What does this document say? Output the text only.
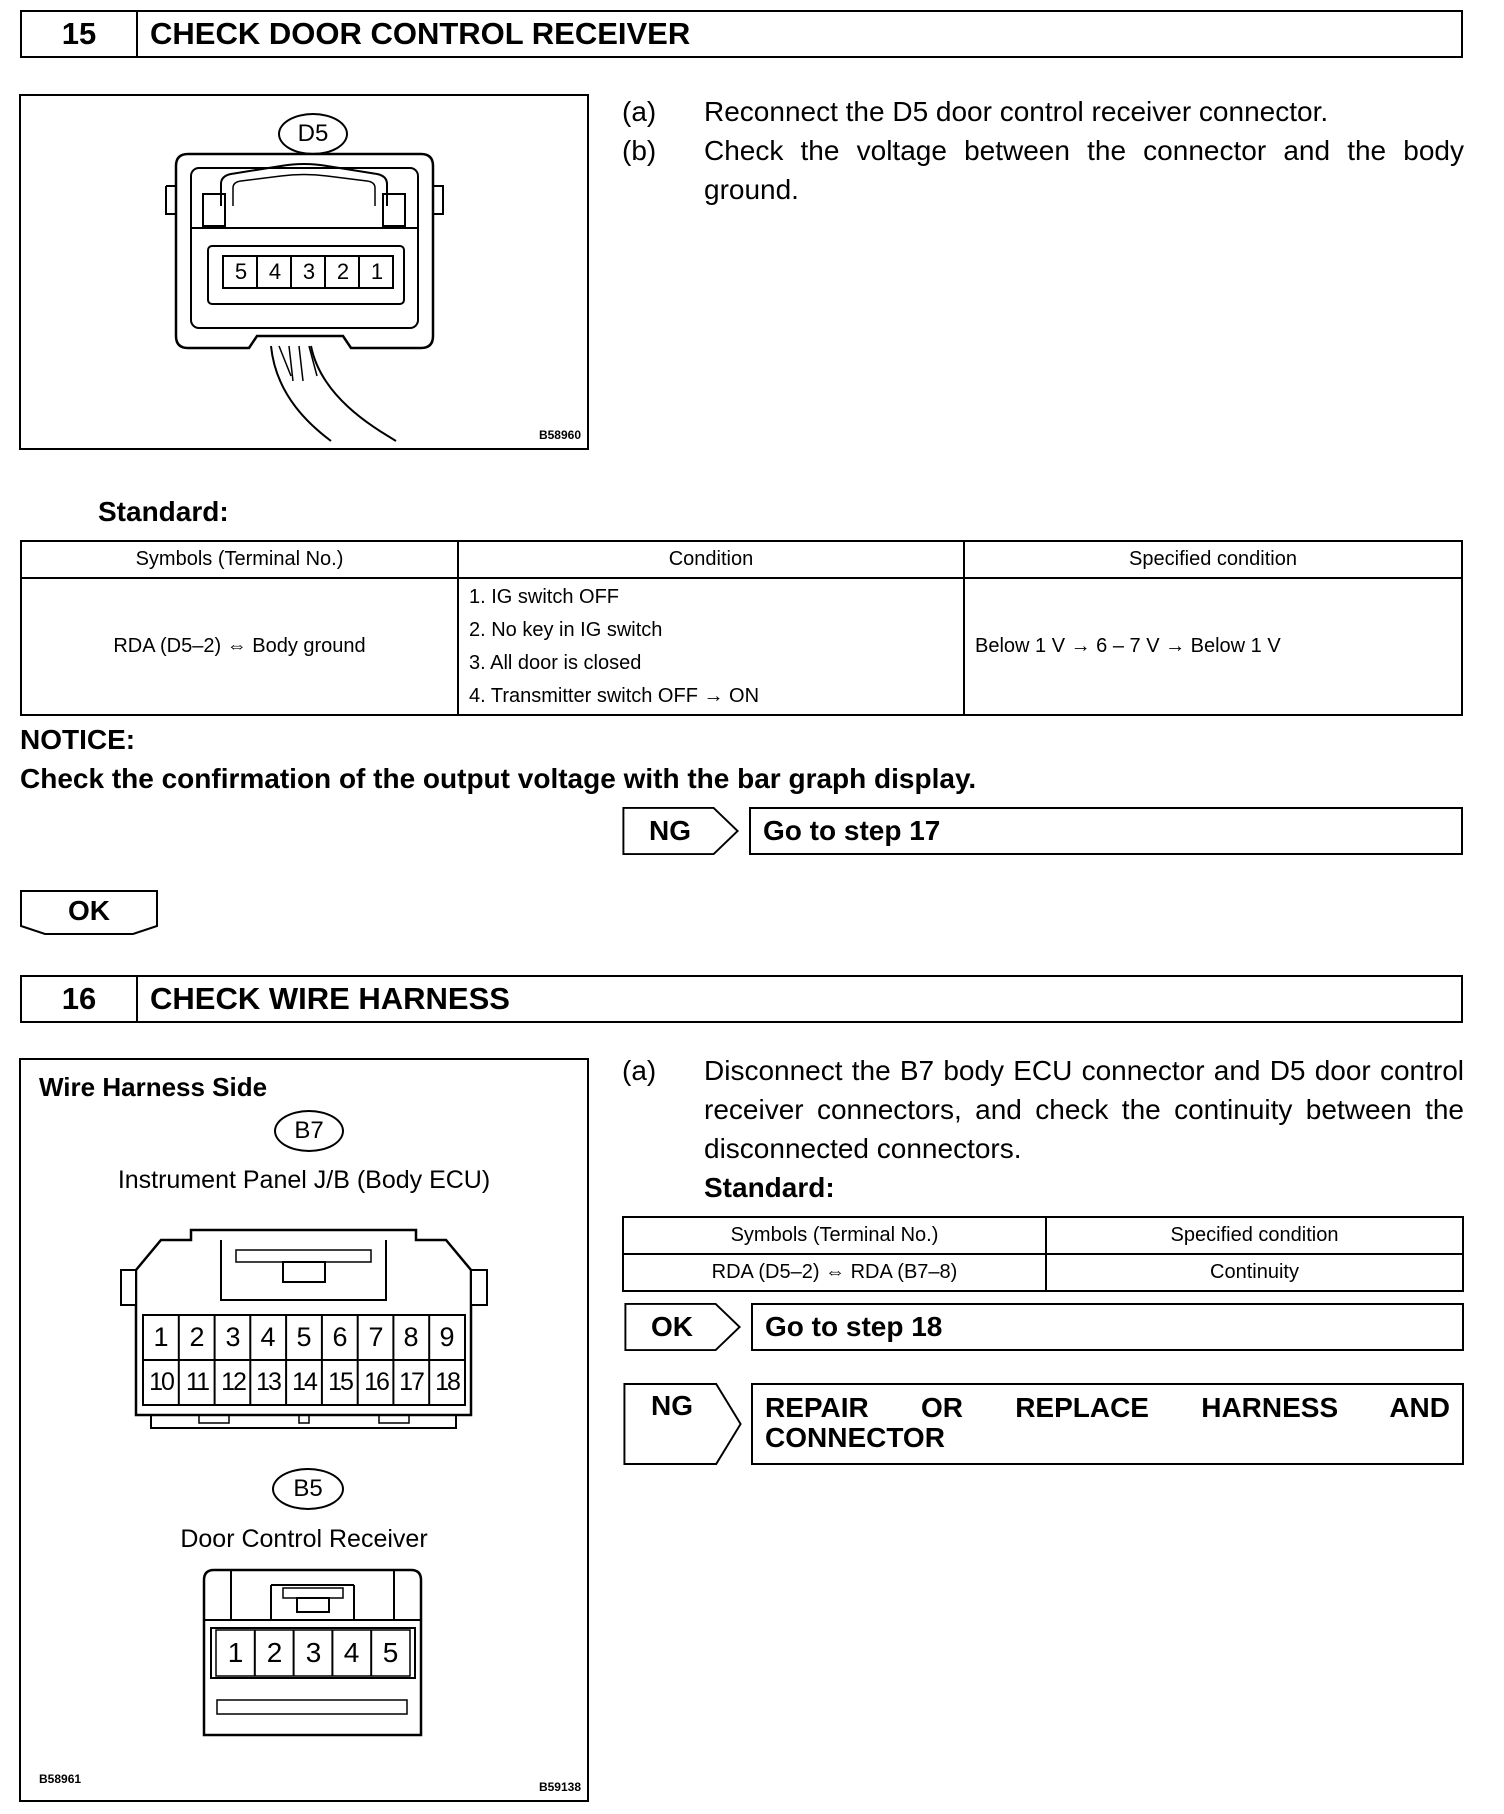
15	CHECK DOOR CONTROL RECEIVER
D5
5 4 3 2 1
B58960
(a) Reconnect the D5 door control receiver connector.
(b) Check the voltage between the connector and the body ground.
Standard:
Symbols (Terminal No.)	Condition	Specified condition
RDA (D5–2) ⇔ Body ground	1. IG switch OFF
2. No key in IG switch
3. All door is closed
4. Transmitter switch OFF → ON	Below 1 V → 6 – 7 V → Below 1 V
NOTICE:
Check the confirmation of the output voltage with the bar graph display.
NG	Go to step 17
OK
16	CHECK WIRE HARNESS
Wire Harness Side
B7
Instrument Panel J/B (Body ECU)
1 2 3 4 5 6 7 8 9
10 11 12 13 14 15 16 17 18
B5
Door Control Receiver
1 2 3 4 5
B58961
B59138
(a) Disconnect the B7 body ECU connector and D5 door control receiver connectors, and check the continuity between the disconnected connectors.
Standard:
Symbols (Terminal No.)	Specified condition
RDA (D5–2) ⇔ RDA (B7–8)	Continuity
OK	Go to step 18
NG	REPAIR OR REPLACE HARNESS AND CONNECTOR
